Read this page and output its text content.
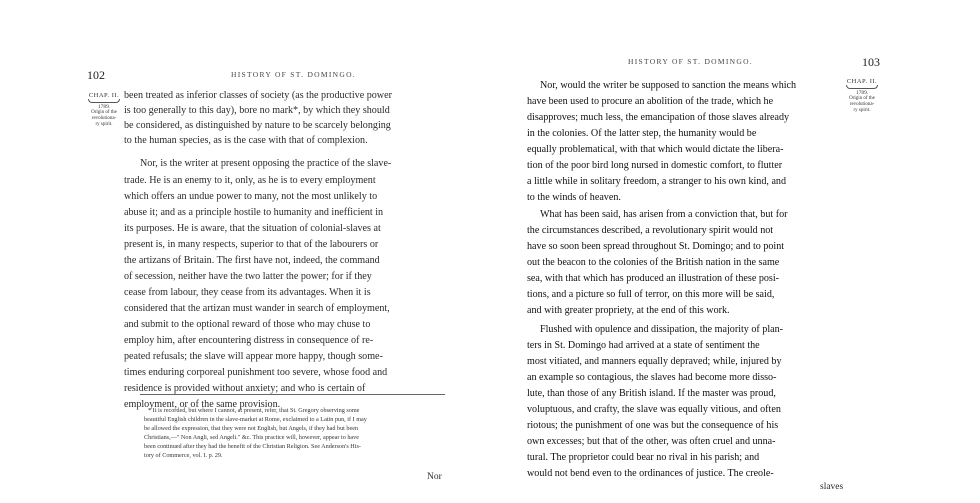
102	HISTORY OF ST. DOMINGO.
CHAP. II.
1789.
Origin of the
revolutiona-
ry spirit.
been treated as inferior classes of society (as the productive power
is too generally to this day), bore no mark*, by which they should
be considered, as distinguished by nature to be scarcely belonging
to the human species, as is the case with that of complexion.
Nor, is the writer at present opposing the practice of the slave-
trade. He is an enemy to it, only, as he is to every employment
which offers an undue power to many, not the most unlikely to
abuse it; and as a principle hostile to humanity and inefficient in
its purposes. He is aware, that the situation of colonial-slaves at
present is, in many respects, superior to that of the labourers or
the artizans of Britain. The first have not, indeed, the command
of secession, neither have the two latter the power; for if they
cease from labour, they cease from its advantages. When it is
considered that the artizan must wander in search of employment,
and submit to the optional reward of those who may chuse to
employ him, after encountering distress in consequence of re-
peated refusals; the slave will appear more happy, though some-
times enduring corporeal punishment too severe, whose food and
residence is provided without anxiety; and who is certain of
employment, or of the same provision.
* It is recorded, but where I cannot, at present, refer, that St. Gregory observing some
beautiful English children in the slave-market at Rome, exclaimed to a Latin pun, if I may
be allowed the expression, that they were not English, but Angels, if they had but been
Christians,—" Non Angli, sed Angeli." &c. This practice will, however, appear to have
been continued after they had the benefit of the Christian Religion. See Anderson's His-
tory of Commerce, vol. I. p. 29.
Nor
HISTORY OF ST. DOMINGO.	103
CHAP. II.
1789.
Origin of the
revolutiona-
ry spirit.
Nor, would the writer be supposed to sanction the means which
have been used to procure an abolition of the trade, which he
disapproves; much less, the emancipation of those slaves already
in the colonies. Of the latter step, the humanity would be
equally problematical, with that which would dictate the libera-
tion of the poor bird long nursed in domestic comfort, to flutter
a little while in solitary freedom, a stranger to his own kind, and
to the winds of heaven.
What has been said, has arisen from a conviction that, but for
the circumstances described, a revolutionary spirit would not
have so soon been spread throughout St. Domingo; and to point
out the beacon to the colonies of the British nation in the same
sea, with that which has produced an illustration of these posi-
tions, and a picture so full of terror, on this more will be said,
and with greater propriety, at the end of this work.
Flushed with opulence and dissipation, the majority of plan-
ters in St. Domingo had arrived at a state of sentiment the
most vitiated, and manners equally depraved; while, injured by
an example so contagious, the slaves had become more disso-
lute, than those of any British island. If the master was proud,
voluptuous, and crafty, the slave was equally vitious, and often
riotous; the punishment of one was but the consequence of his
own excesses; but that of the other, was often cruel and unna-
tural. The proprietor could bear no rival in his parish; and
would not bend even to the ordinances of justice. The creole-
slaves
